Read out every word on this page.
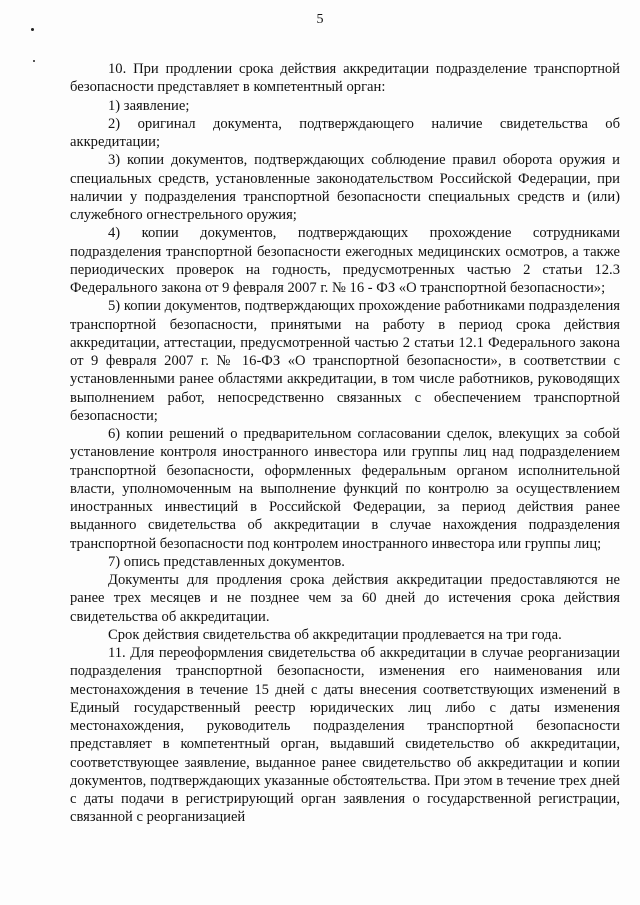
5

10. При продлении срока действия аккредитации подразделение транспортной безопасности представляет в компетентный орган:

1) заявление;

2) оригинал документа, подтверждающего наличие свидетельства об аккредитации;

3) копии документов, подтверждающих соблюдение правил оборота оружия и специальных средств, установленные законодательством Российской Федерации, при наличии у подразделения транспортной безопасности специальных средств и (или) служебного огнестрельного оружия;

4) копии документов, подтверждающих прохождение сотрудниками подразделения транспортной безопасности ежегодных медицинских осмотров, а также периодических проверок на годность, предусмотренных частью 2 статьи 12.3 Федерального закона от 9 февраля 2007 г. № 16 - ФЗ «О транспортной безопасности»;

5) копии документов, подтверждающих прохождение работниками подразделения транспортной безопасности, принятыми на работу в период срока действия аккредитации, аттестации, предусмотренной частью 2 статьи 12.1 Федерального закона от 9 февраля 2007 г. № 16-ФЗ «О транспортной безопасности», в соответствии с установленными ранее областями аккредитации, в том числе работников, руководящих выполнением работ, непосредственно связанных с обеспечением транспортной безопасности;

6) копии решений о предварительном согласовании сделок, влекущих за собой установление контроля иностранного инвестора или группы лиц над подразделением транспортной безопасности, оформленных федеральным органом исполнительной власти, уполномоченным на выполнение функций по контролю за осуществлением иностранных инвестиций в Российской Федерации, за период действия ранее выданного свидетельства об аккредитации в случае нахождения подразделения транспортной безопасности под контролем иностранного инвестора или группы лиц;

7) опись представленных документов.

Документы для продления срока действия аккредитации предоставляются не ранее трех месяцев и не позднее чем за 60 дней до истечения срока действия свидетельства об аккредитации.

Срок действия свидетельства об аккредитации продлевается на три года.

11. Для переоформления свидетельства об аккредитации в случае реорганизации подразделения транспортной безопасности, изменения его наименования или местонахождения в течение 15 дней с даты внесения соответствующих изменений в Единый государственный реестр юридических лиц либо с даты изменения местонахождения, руководитель подразделения транспортной безопасности представляет в компетентный орган, выдавший свидетельство об аккредитации, соответствующее заявление, выданное ранее свидетельство об аккредитации и копии документов, подтверждающих указанные обстоятельства. При этом в течение трех дней с даты подачи в регистрирующий орган заявления о государственной регистрации, связанной с реорганизацией
